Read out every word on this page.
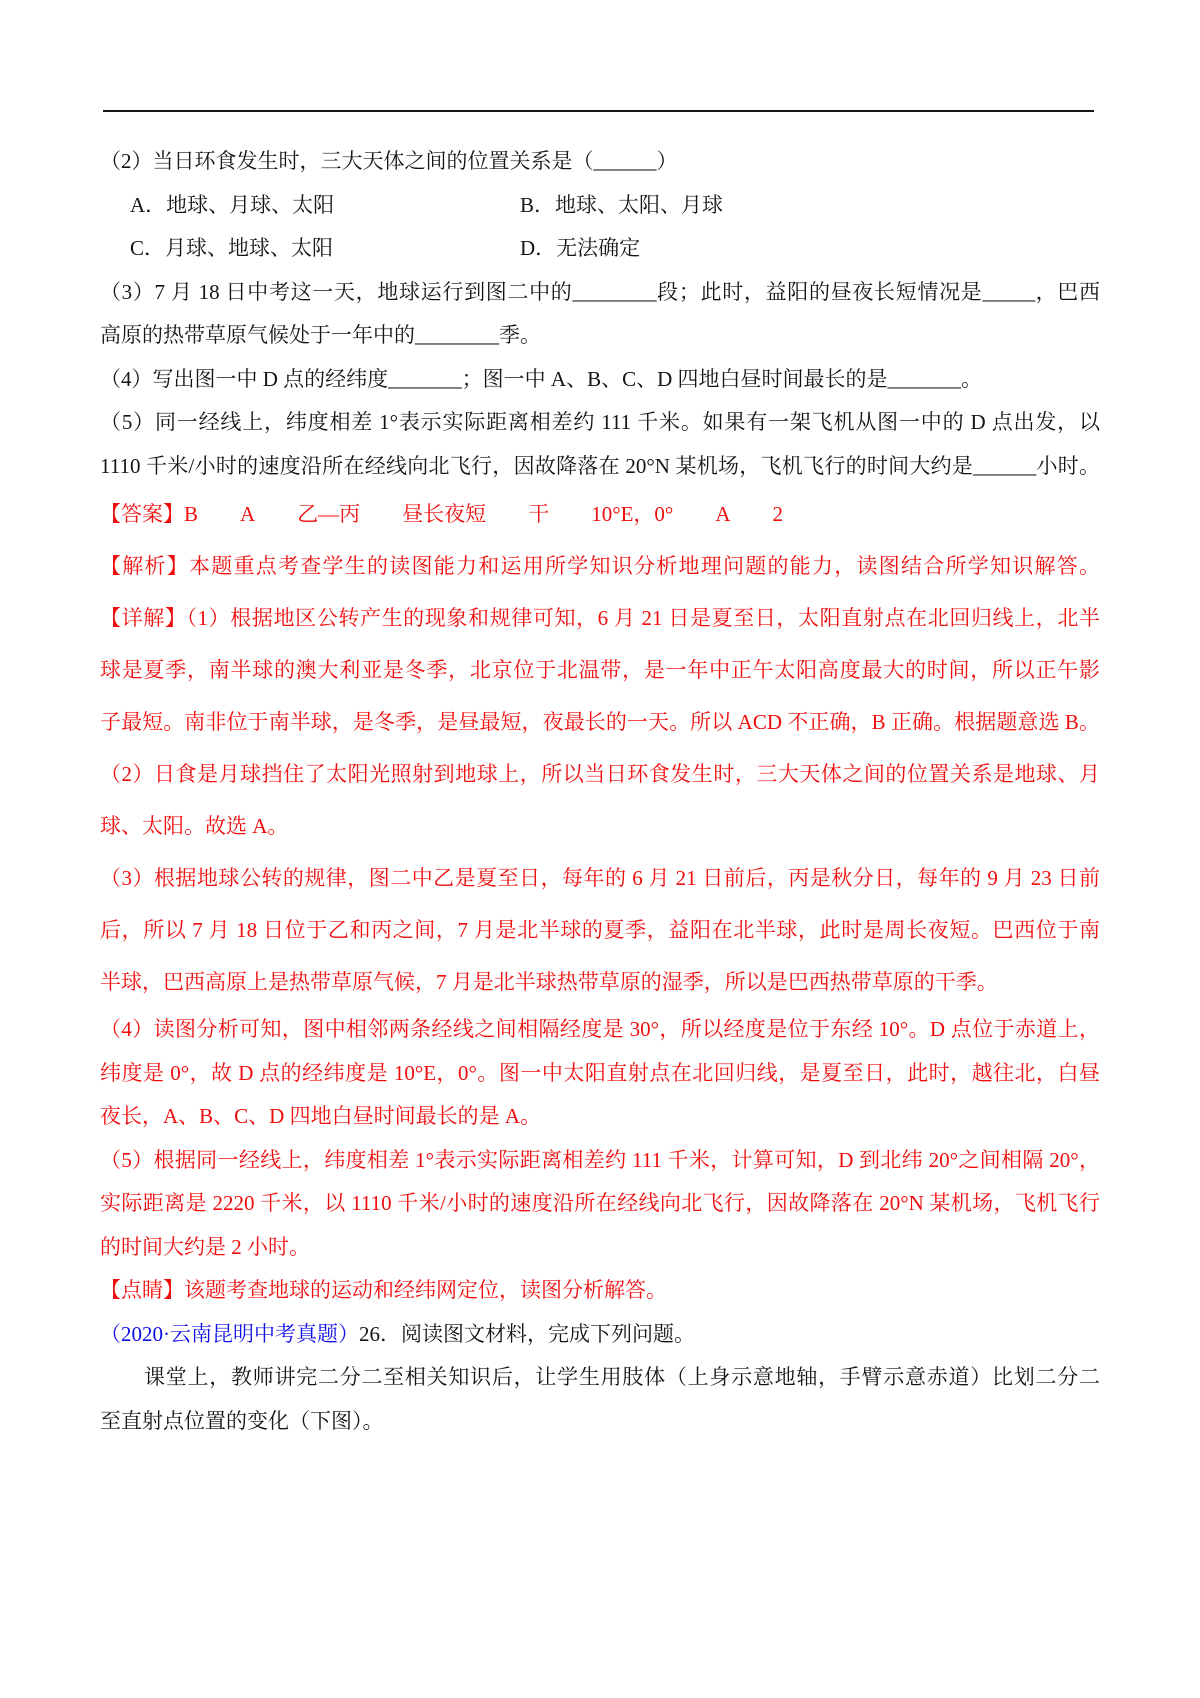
（2）当日环食发生时，三大天体之间的位置关系是（______）
A．地球、月球、太阳	B．地球、太阳、月球
C．月球、地球、太阳	D．无法确定
（3）7 月 18 日中考这一天，地球运行到图二中的________段；此时，益阳的昼夜长短情况是_____，巴西
高原的热带草原气候处于一年中的________季。
（4）写出图一中 D 点的经纬度_______；图一中 A、B、C、D 四地白昼时间最长的是_______。
（5）同一经线上，纬度相差 1°表示实际距离相差约 111 千米。如果有一架飞机从图一中的 D 点出发，以
1110 千米/小时的速度沿所在经线向北飞行，因故降落在 20°N 某机场，飞机飞行的时间大约是______小时。
【答案】B A 乙—丙 昼长夜短 干 10°E，0° A 2
【解析】本题重点考查学生的读图能力和运用所学知识分析地理问题的能力，读图结合所学知识解答。
【详解】（1）根据地区公转产生的现象和规律可知，6 月 21 日是夏至日，太阳直射点在北回归线上，北半
球是夏季，南半球的澳大利亚是冬季，北京位于北温带，是一年中正午太阳高度最大的时间，所以正午影
子最短。南非位于南半球，是冬季，是昼最短，夜最长的一天。所以 ACD 不正确，B 正确。根据题意选 B。
（2）日食是月球挡住了太阳光照射到地球上，所以当日环食发生时，三大天体之间的位置关系是地球、月
球、太阳。故选 A。
（3）根据地球公转的规律，图二中乙是夏至日，每年的 6 月 21 日前后，丙是秋分日，每年的 9 月 23 日前
后，所以 7 月 18 日位于乙和丙之间，7 月是北半球的夏季，益阳在北半球，此时是周长夜短。巴西位于南
半球，巴西高原上是热带草原气候，7 月是北半球热带草原的湿季，所以是巴西热带草原的干季。
（4）读图分析可知，图中相邻两条经线之间相隔经度是 30°，所以经度是位于东经 10°。D 点位于赤道上，
纬度是 0°，故 D 点的经纬度是 10°E，0°。图一中太阳直射点在北回归线，是夏至日，此时，越往北，白昼
夜长，A、B、C、D 四地白昼时间最长的是 A。
（5）根据同一经线上，纬度相差 1°表示实际距离相差约 111 千米，计算可知，D 到北纬 20°之间相隔 20°，
实际距离是 2220 千米，以 1110 千米/小时的速度沿所在经线向北飞行，因故降落在 20°N 某机场，飞机飞行
的时间大约是 2 小时。
【点睛】该题考查地球的运动和经纬网定位，读图分析解答。
（2020·云南昆明中考真题）26．阅读图文材料，完成下列问题。
课堂上，教师讲完二分二至相关知识后，让学生用肢体（上身示意地轴，手臂示意赤道）比划二分二
至直射点位置的变化（下图）。
